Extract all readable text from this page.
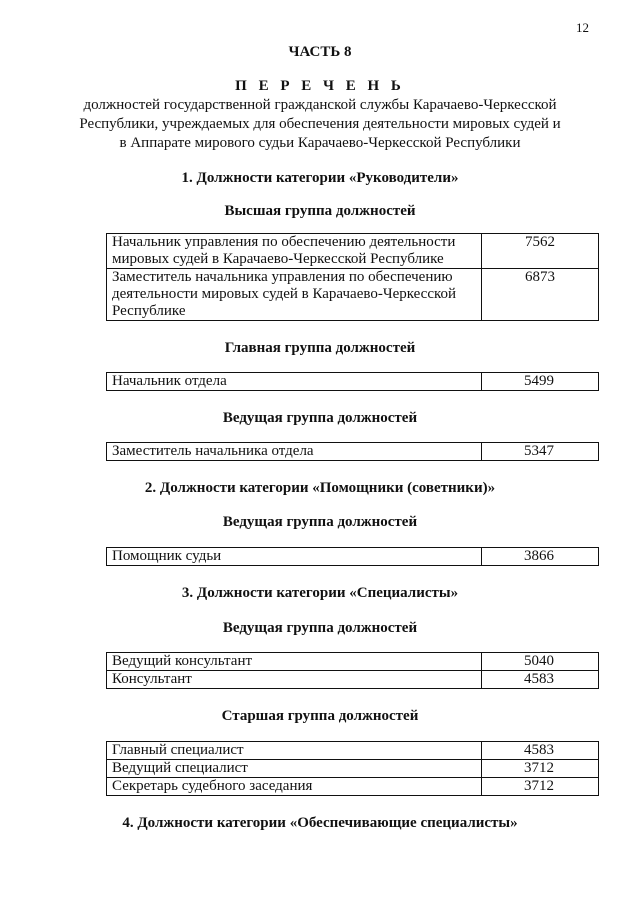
12
ЧАСТЬ 8
П Е Р Е Ч Е Н Ь
должностей государственной гражданской службы Карачаево-Черкесской
Республики, учреждаемых для обеспечения деятельности мировых судей и
в Аппарате мирового судьи Карачаево-Черкесской Республики
1. Должности категории «Руководители»
Высшая группа должностей
Начальник управления по обеспечению деятельности
мировых судей в Карачаево-Черкесской Республике	7562

Заместитель начальника управления по обеспечению
деятельности мировых судей в Карачаево-Черкесской
Республике	6873
Главная группа должностей
Начальник отдела	5499
Ведущая группа должностей
Заместитель начальника отдела	5347
2. Должности категории «Помощники (советники)»
Ведущая группа должностей
Помощник судьи	3866
3. Должности категории «Специалисты»
Ведущая группа должностей
Ведущий консультант	5040
Консультант	4583
Старшая группа должностей
Главный специалист	4583
Ведущий специалист	3712
Секретарь судебного заседания	3712
4. Должности категории «Обеспечивающие специалисты»
